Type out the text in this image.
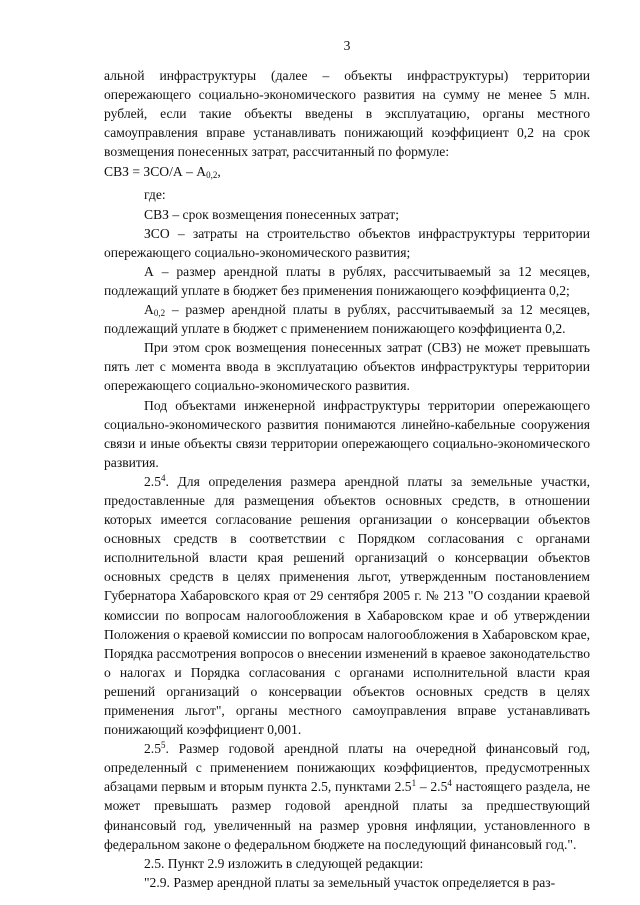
3

альной инфраструктуры (далее – объекты инфраструктуры) территории опережающего социально-экономического развития на сумму не менее 5 млн. рублей, если такие объекты введены в эксплуатацию, органы местного самоуправления вправе устанавливать понижающий коэффициент 0,2 на срок возмещения понесенных затрат, рассчитанный по формуле:

СВЗ = $ЗСО/А - А_{0,2}$,

где:

СВЗ – срок возмещения понесенных затрат;

ЗСО – затраты на строительство объектов инфраструктуры территории опережающего социально-экономического развития;

А – размер арендной платы в рублях, рассчитываемый за 12 месяцев, подлежащий уплате в бюджет без применения понижающего коэффициента 0,2;

$А_{0,2}$ – размер арендной платы в рублях, рассчитываемый за 12 месяцев, подлежащий уплате в бюджет с применением понижающего коэффициента 0,2.

При этом срок возмещения понесенных затрат (СВЗ) не может превышать пять лет с момента ввода в эксплуатацию объектов инфраструктуры территории опережающего социально-экономического развития.

Под объектами инженерной инфраструктуры территории опережающего социально-экономического развития понимаются линейно-кабельные сооружения связи и иные объекты связи территории опережающего социально-экономического развития.

$2.5^4$. Для определения размера арендной платы за земельные участки, предоставленные для размещения объектов основных средств, в отношении которых имеется согласование решения организации о консервации объектов основных средств в соответствии с Порядком согласования с органами исполнительной власти края решений организаций о консервации объектов основных средств в целях применения льгот, утвержденным постановлением Губернатора Хабаровского края от 29 сентября 2005 г. № 213 "О создании краевой комиссии по вопросам налогообложения в Хабаровском крае и об утверждении Положения о краевой комиссии по вопросам налогообложения в Хабаровском крае, Порядка рассмотрения вопросов о внесении изменений в краевое законодательство о налогах и Порядка согласования с органами исполнительной власти края решений организаций о консервации объектов основных средств в целях применения льгот", органы местного самоуправления вправе устанавливать понижающий коэффициент 0,001.

$2.5^5$. Размер годовой арендной платы на очередной финансовый год, определенный с применением понижающих коэффициентов, предусмотренных абзацами первым и вторым пункта 2.5, пунктами $2.5^1 - 2.5^4$ настоящего раздела, не может превышать размер годовой арендной платы за предшествующий финансовый год, увеличенный на размер уровня инфляции, установленного в федеральном законе о федеральном бюджете на последующий финансовый год.".

2.5. Пункт 2.9 изложить в следующей редакции:

"2.9. Размер арендной платы за земельный участок определяется в раз-
